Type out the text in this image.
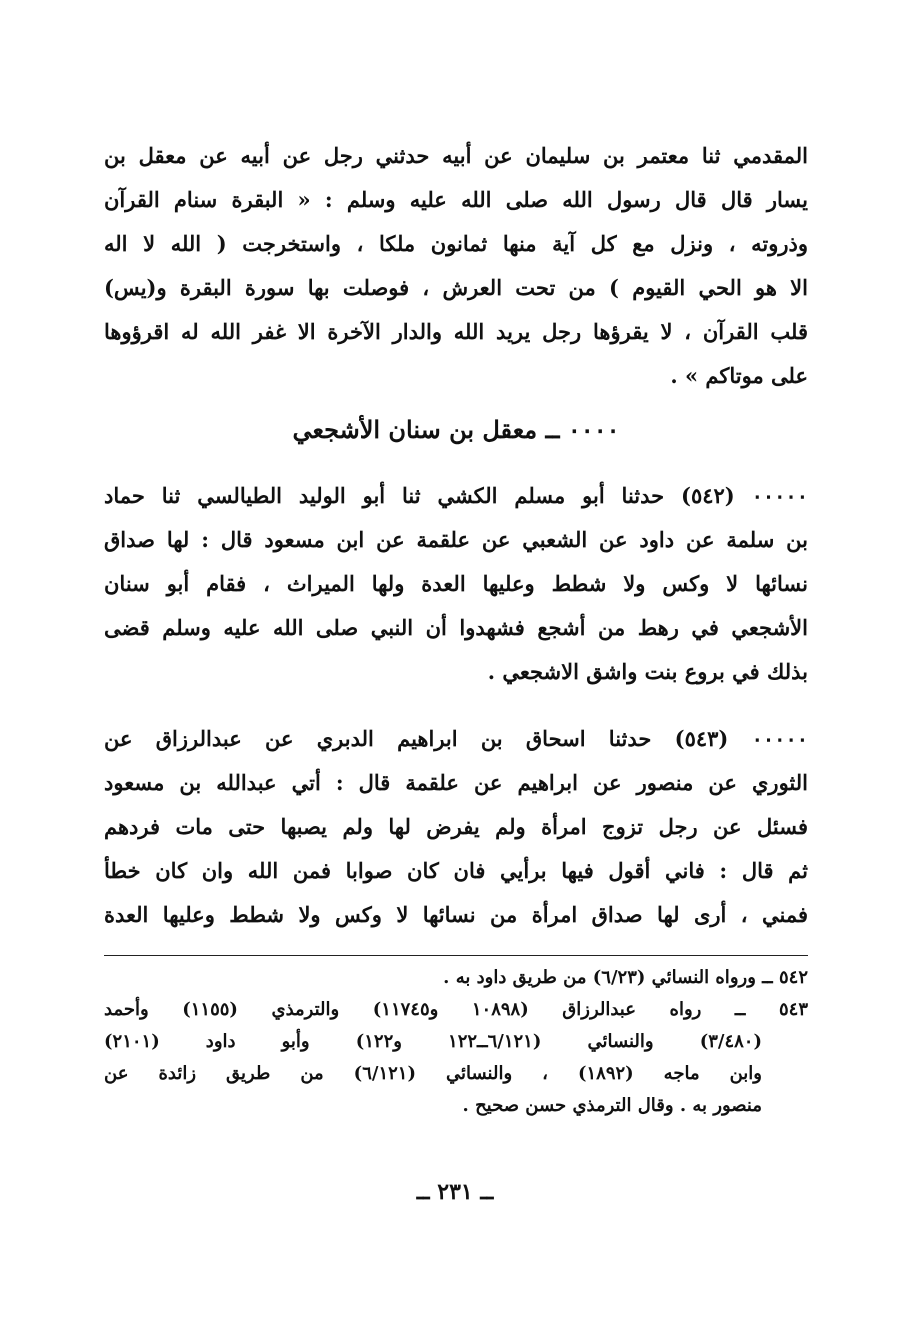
المقدمي ثنا معتمر بن سليمان عن أبيه حدثني رجل عن أبيه عن معقل بن
يسار قال قال رسول الله صلى الله عليه وسلم : « البقرة سنام القرآن
وذروته ، ونزل مع كل آية منها ثمانون ملكا ، واستخرجت ( الله لا اله
الا هو الحي القيوم ) من تحت العرش ، فوصلت بها سورة البقرة و(يس)
قلب القرآن ، لا يقرؤها رجل يريد الله والدار الآخرة الا غفر الله له اقرؤوها
على موتاكم » .
٠٠٠٠ ــ معقل بن سنان الأشجعي
٠٠٠٠٠ (٥٤٢) حدثنا أبو مسلم الكشي ثنا أبو الوليد الطيالسي ثنا حماد
بن سلمة عن داود عن الشعبي عن علقمة عن ابن مسعود قال : لها صداق
نسائها لا وكس ولا شطط وعليها العدة ولها الميراث ، فقام أبو سنان
الأشجعي في رهط من أشجع فشهدوا أن النبي صلى الله عليه وسلم قضى
بذلك في بروع بنت واشق الاشجعي .
٠٠٠٠٠ (٥٤٣) حدثنا اسحاق بن ابراهيم الدبري عن عبدالرزاق عن
الثوري عن منصور عن ابراهيم عن علقمة قال : أتي عبدالله بن مسعود
فسئل عن رجل تزوج امرأة ولم يفرض لها ولم يصبها حتى مات فردهم
ثم قال : فاني أقول فيها برأيي فان كان صوابا فمن الله وان كان خطأ
فمني ، أرى لها صداق امرأة من نسائها لا وكس ولا شطط وعليها العدة
٥٤٢ ــ ورواه النسائي (٦/٢٣) من طريق داود به .
٥٤٣ ــ رواه عبدالرزاق (١٠٨٩٨ و١١٧٤٥) والترمذي (١١٥٥) وأحمد
(٣/٤٨٠) والنسائي (٦/١٢١ــ١٢٢ و١٢٢) وأبو داود (٢١٠١)
وابن ماجه (١٨٩٢) ، والنسائي (٦/١٢١) من طريق زائدة عن
منصور به . وقال الترمذي حسن صحيح .
ــ ٢٣١ ــ
